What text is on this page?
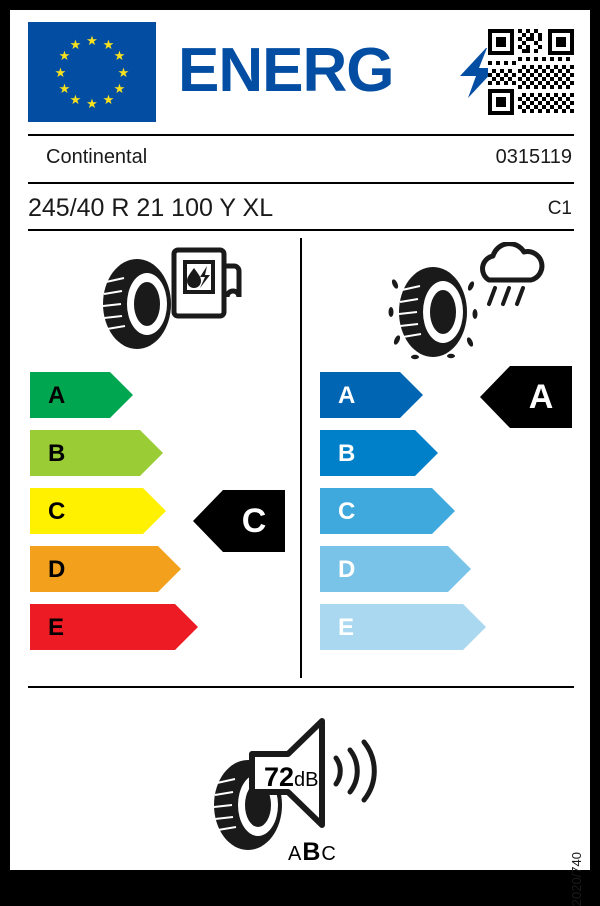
★ ★
★
★
★
★
★
★
★
★
★
★ ENERG
Continental	0315119
245/40 R 21 100 Y XL	C1
A
B
C
D
E
C
A
B
C
D
E
A
72dB
ABC	2020/740
